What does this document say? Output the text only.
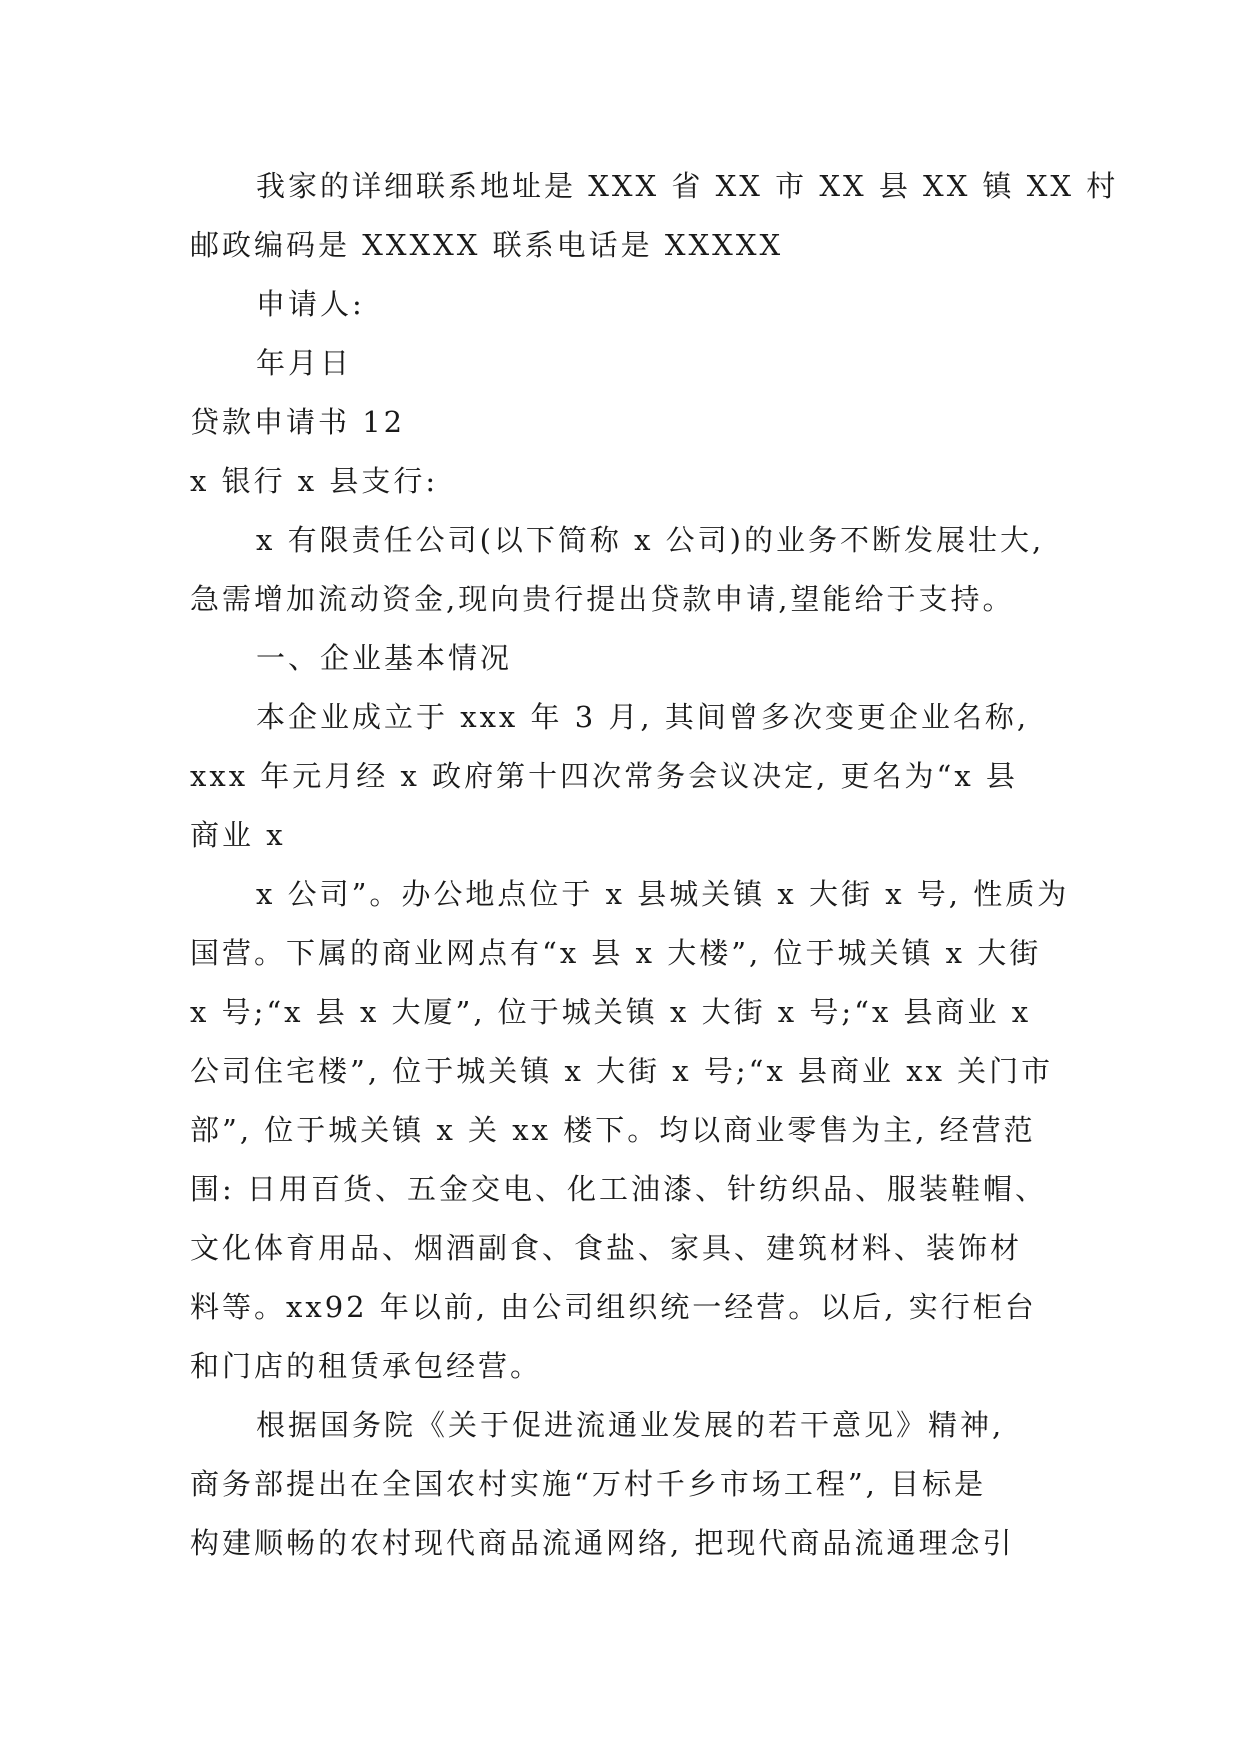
我家的详细联系地址是 XXX 省 XX 市 XX 县 XX 镇 XX 村
邮政编码是 XXXXX 联系电话是 XXXXX
申请人:
年月日
贷款申请书 12
x 银行 x 县支行:
x 有限责任公司(以下简称 x 公司)的业务不断发展壮大,
急需增加流动资金,现向贵行提出贷款申请,望能给于支持。
一、企业基本情况
本企业成立于 xxx 年 3 月, 其间曾多次变更企业名称,
xxx 年元月经 x 政府第十四次常务会议决定, 更名为“x 县
商业 x
x 公司”。办公地点位于 x 县城关镇 x 大街 x 号, 性质为
国营。下属的商业网点有“x 县 x 大楼”, 位于城关镇 x 大街
x 号;“x 县 x 大厦”, 位于城关镇 x 大街 x 号;“x 县商业 x
公司住宅楼”, 位于城关镇 x 大街 x 号;“x 县商业 xx 关门市
部”, 位于城关镇 x 关 xx 楼下。均以商业零售为主, 经营范
围: 日用百货、五金交电、化工油漆、针纺织品、服装鞋帽、
文化体育用品、烟酒副食、食盐、家具、建筑材料、装饰材
料等。xx92 年以前, 由公司组织统一经营。以后, 实行柜台
和门店的租赁承包经营。
根据国务院《关于促进流通业发展的若干意见》精神,
商务部提出在全国农村实施“万村千乡市场工程”, 目标是
构建顺畅的农村现代商品流通网络, 把现代商品流通理念引
